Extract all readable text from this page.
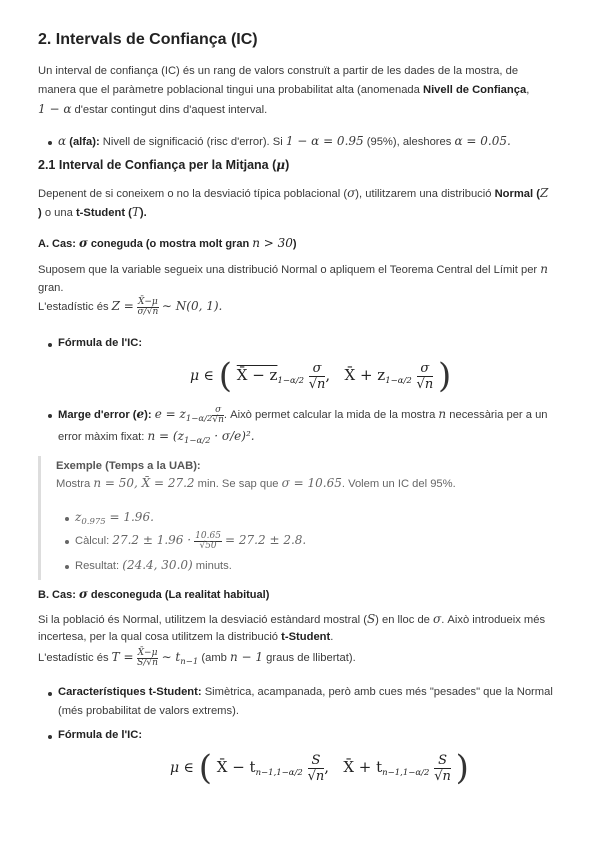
2. Intervals de Confiança (IC)
Un interval de confiança (IC) és un rang de valors construït a partir de les dades de la mostra, de
manera que el paràmetre poblacional tingui una probabilitat alta (anomenada Nivell de Confiança,
1 − α d'estar contingut dins d'aquest interval.
α (alfa): Nivell de significació (risc d'error). Si 1 − α = 0.95 (95%), aleshores α = 0.05.
2.1 Interval de Confiança per la Mitjana (μ)
Depenent de si coneixem o no la desviació típica poblacional (σ), utilitzarem una distribució Normal (Z
) o una t-Student (T).
A. Cas: σ coneguda (o mostra molt gran n > 30)
Suposem que la variable segueix una distribució Normal o apliquem el Teorema Central del Límit per n
gran.
L'estadístic és $Z = \frac{X̄-\mu}{\sigma/√n}$ ∼ N(0, 1).
Fórmula de l'IC:
μ ∈ ( X̄ − $z_{1-\alpha/2} \frac{\sigma}{√n}$, X̄ + $z_{1-\alpha/2} \frac{\sigma}{√n}$ )
Marge d'error (e): $e = z_{1-\alpha/2} \frac{\sigma}{√n}$ . Això permet calcular la mida de la mostra n necessària per a un
error màxim fixat: $n = (z_{1-\alpha/2} \cdot \sigma/e)^2$.
Exemple (Temps a la UAB):
Mostra n = 50, X̄ = 27.2 min. Se sap que σ = 10.65. Volem un IC del 95%.
$z_{0.975} = 1.96$.
Càlcul: $27.2 \pm 1.96 \cdot \frac{10.65}{√50} = 27.2 \pm 2.8$.
Resultat: (24.4, 30.0) minuts.
B. Cas: σ desconeguda (La realitat habitual)
Si la població és Normal, utilitzem la desviació estàndard mostral (S) en lloc de σ. Això introdueix més
incertesa, per la qual cosa utilitzem la distribució t-Student.
L'estadístic és $T = \frac{X̄-\mu}{S/√n}$ ∼ $t_{n-1}$ (amb n − 1 graus de llibertat).
Característiques t-Student: Simètrica, acampanada, però amb cues més "pesades" que la Normal
(més probabilitat de valors extrems).
Fórmula de l'IC:
μ ∈ ( X̄ − $t_{n-1,1-\alpha/2} \frac{S}{√n}$, X̄ + $t_{n-1,1-\alpha/2} \frac{S}{√n}$ )
